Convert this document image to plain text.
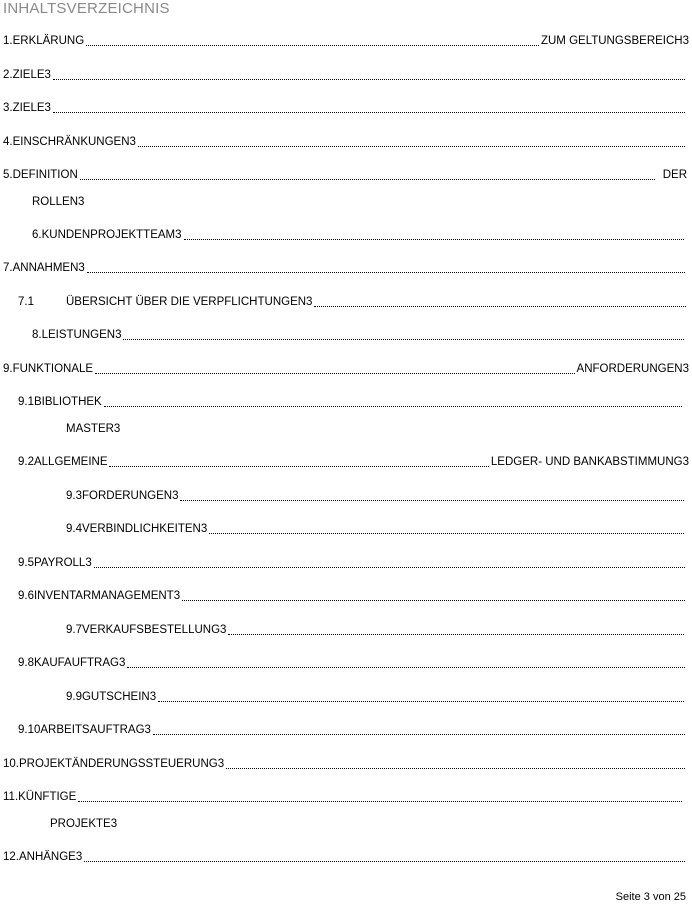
INHALTSVERZEICHNIS
1.ERKLÄRUNG	ZUM GELTUNGSBEREICH3
2.ZIELE3
3.ZIELE3
4.EINSCHRÄNKUNGEN3
5.DEFINITION	DER
ROLLEN3
6.KUNDENPROJEKTTEAM3
7.ANNAHMEN3
7.1	ÜBERSICHT ÜBER DIE VERPFLICHTUNGEN3
8.LEISTUNGEN3
9.FUNKTIONALE	ANFORDERUNGEN3
9.1BIBLIOTHEK
MASTER3
9.2ALLGEMEINE	LEDGER- UND BANKABSTIMMUNG3
9.3FORDERUNGEN3
9.4VERBINDLICHKEITEN3
9.5PAYROLL3
9.6INVENTARMANAGEMENT3
9.7VERKAUFSBESTELLUNG3
9.8KAUFAUFTRAG3
9.9GUTSCHEIN3
9.10ARBEITSAUFTRAG3
10.PROJEKTÄNDERUNGSSTEUERUNG3
11.KÜNFTIGE
PROJEKTE3
12.ANHÄNGE3
Seite 3 von 25
